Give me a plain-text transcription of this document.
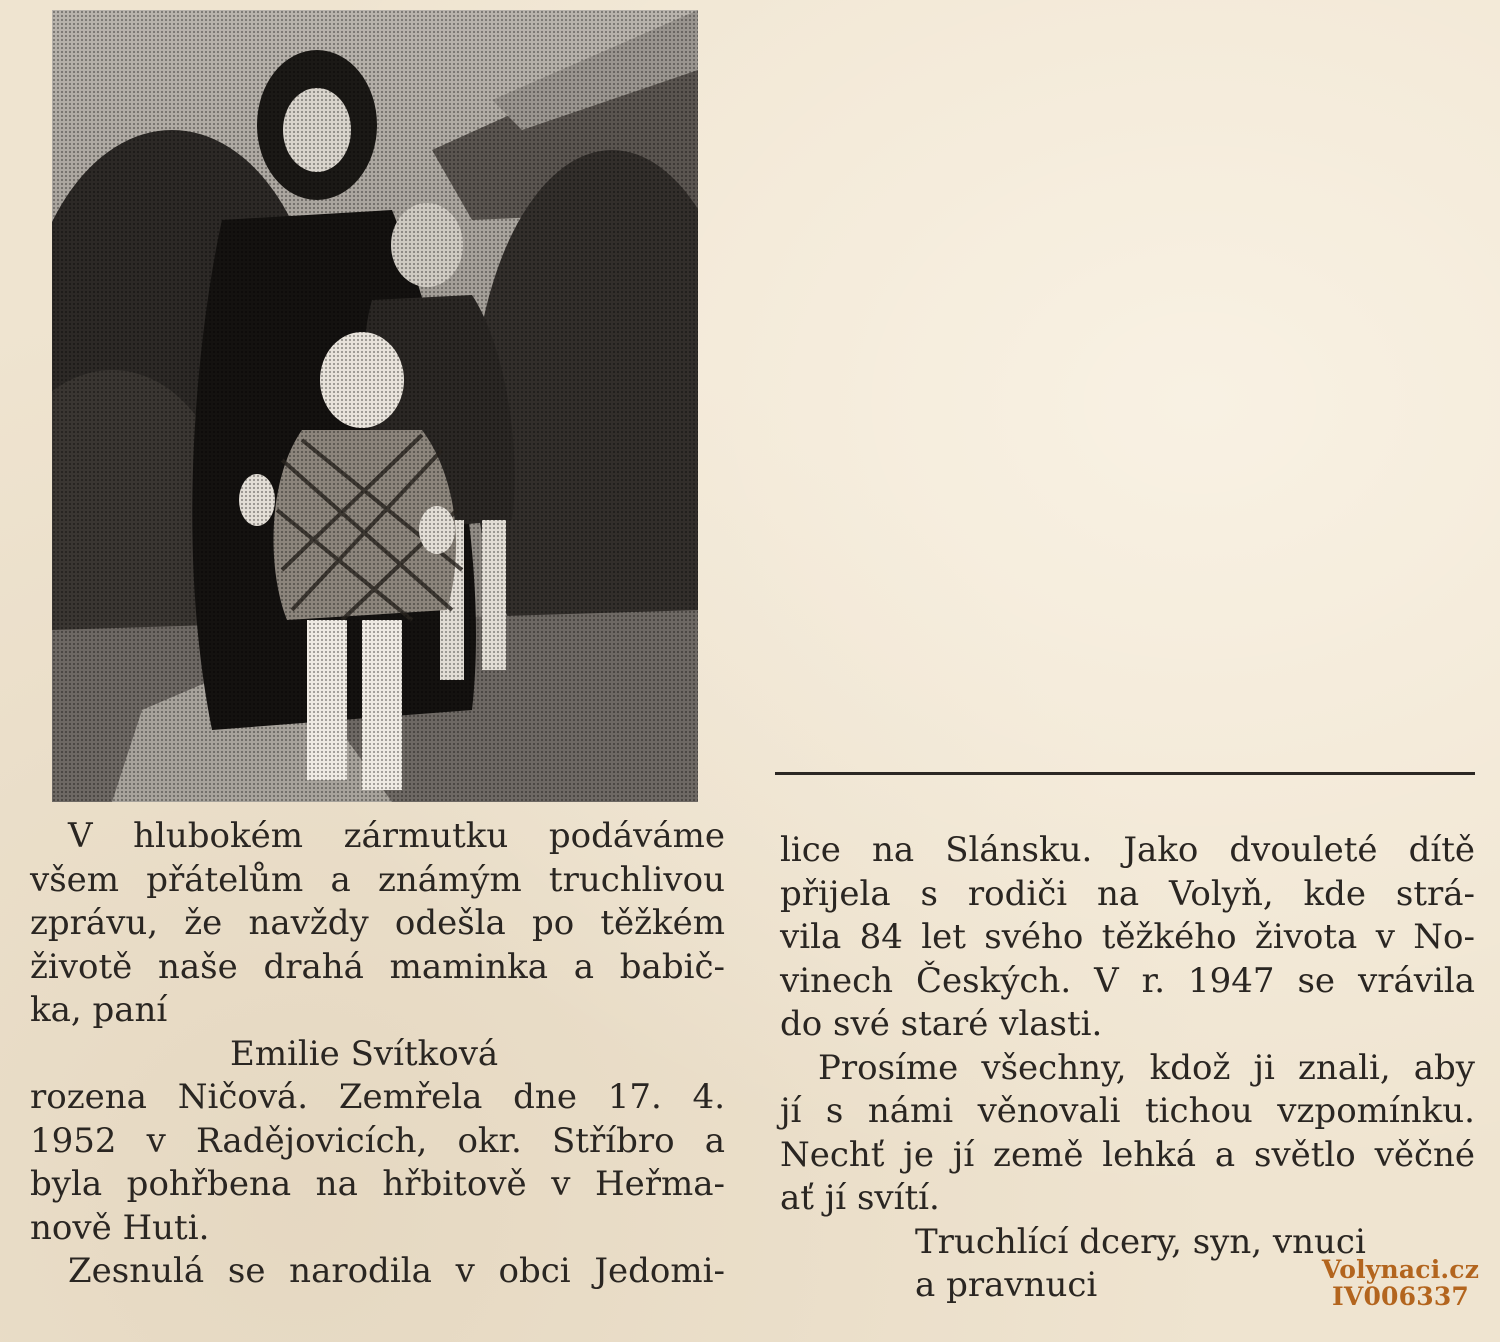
V hlubokém zármutku podáváme
všem přátelům a známým truchlivou
zprávu, že navždy odešla po těžkém
životě naše drahá maminka a babič-
ka, paní
Emilie Svítková
rozena Ničová. Zemřela dne 17. 4.
1952 v Radějovicích, okr. Stříbro a
byla pohřbena na hřbitově v Heřma-
nově Huti.
Zesnulá se narodila v obci Jedomi-
lice na Slánsku. Jako dvouleté dítě
přijela s rodiči na Volyň, kde strá-
vila 84 let svého těžkého života v No-
vinech Českých. V r. 1947 se vrávila
do své staré vlasti.
Prosíme všechny, kdož ji znali, aby
jí s námi věnovali tichou vzpomínku.
Nechť je jí země lehká a světlo věčné
ať jí svítí.
Truchlící dcery, syn, vnuci
a pravnuci	Volynaci.cz
IV006337
